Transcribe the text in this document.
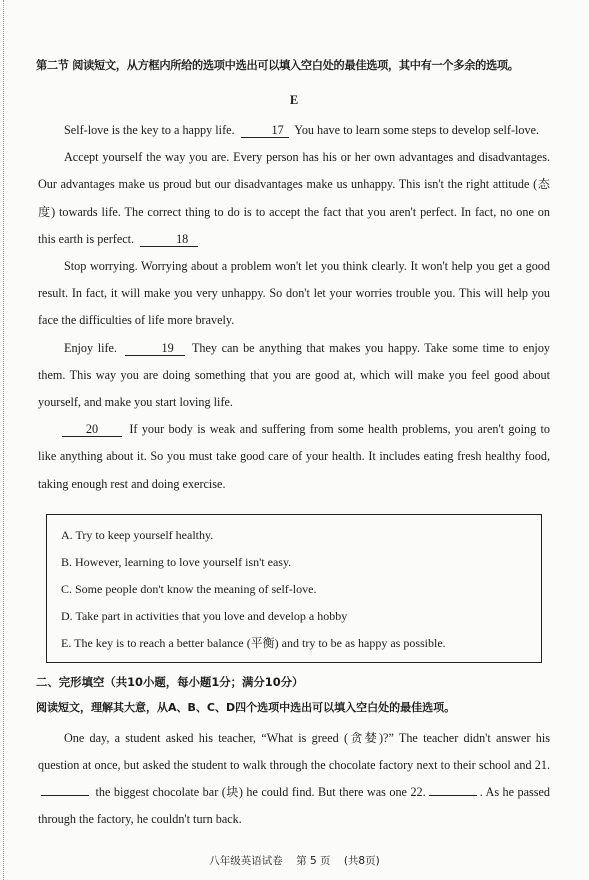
第二节 阅读短文，从方框内所给的选项中选出可以填入空白处的最佳选项，其中有一个多余的选项。
E

Self-love is the key to a happy life.	17 You have to learn some steps to develop self-love.

Accept yourself the way you are. Every person has his or her own advantages and disadvantages. Our advantages make us proud but our disadvantages make us unhappy. This isn't the right attitude (态度) towards life. The correct thing to do is to accept the fact that you aren't perfect. In fact, no one on this earth is perfect.	18

Stop worrying. Worrying about a problem won't let you think clearly. It won't help you get a good result. In fact, it will make you very unhappy. So don't let your worries trouble you. This will help you face the difficulties of life more bravely.

Enjoy life.	19 They can be anything that makes you happy. Take some time to enjoy them. This way you are doing something that you are good at, which will make you feel good about yourself, and make you start loving life.

20	If your body is weak and suffering from some health problems, you aren't going to like anything about it. So you must take good care of your health. It includes eating fresh healthy food, taking enough rest and doing exercise.

A. Try to keep yourself healthy.
B. However, learning to love yourself isn't easy.
C. Some people don't know the meaning of self-love.
D. Take part in activities that you love and develop a hobby
E. The key is to reach a better balance (平衡) and try to be as happy as possible.
二、完形填空（共10小题，每小题1分；满分10分）
阅读短文，理解其大意，从A、B、C、D四个选项中选出可以填入空白处的最佳选项。

One day, a student asked his teacher, “What is greed (贪婪)?” The teacher didn't answer his question at once, but asked the student to walk through the chocolate factory next to their school and 21. the biggest chocolate bar (块) he could find. But there was one 22.	. As he passed through the factory, he couldn't turn back.

八年级英语试卷 第 5 页 (共8页)
